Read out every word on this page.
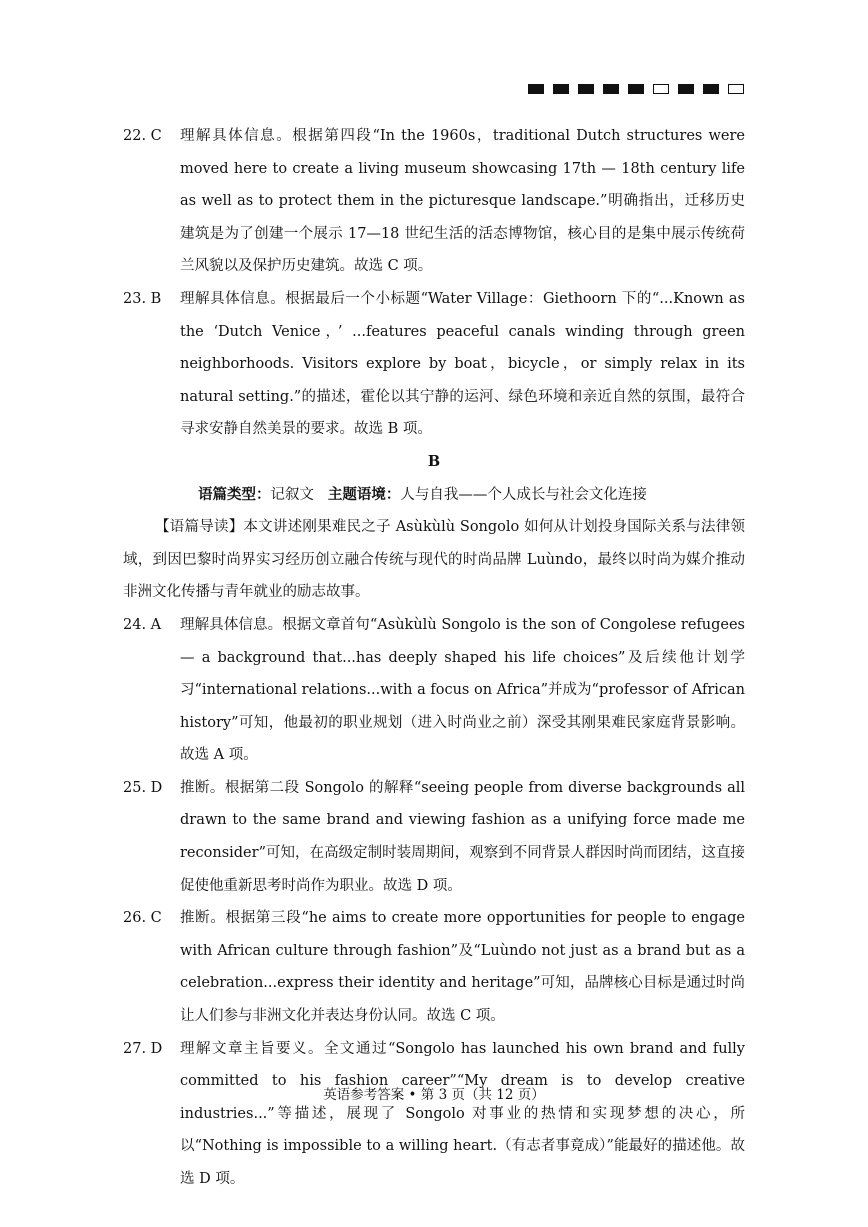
22. C	理解具体信息。根据第四段“In the 1960s，traditional Dutch structures were moved here to create a living museum showcasing 17th — 18th century life as well as to protect them in the picturesque landscape.”明确指出，迁移历史建筑是为了创建一个展示 17—18 世纪生活的活态博物馆，核心目的是集中展示传统荷兰风貌以及保护历史建筑。故选 C 项。

23. B	理解具体信息。根据最后一个小标题“Water Village：Giethoorn 下的“...Known as the ‘Dutch Venice，’ ...features peaceful canals winding through green neighborhoods. Visitors explore by boat，bicycle，or simply relax in its natural setting.”的描述，霍伦以其宁静的运河、绿色环境和亲近自然的氛围，最符合寻求安静自然美景的要求。故选 B 项。

B

语篇类型：记叙文 主题语境：人与自我——个人成长与社会文化连接

【语篇导读】本文讲述刚果难民之子 Asùkùlù Songolo 如何从计划投身国际关系与法律领域，到因巴黎时尚界实习经历创立融合传统与现代的时尚品牌 Luùndo，最终以时尚为媒介推动非洲文化传播与青年就业的励志故事。

24. A	理解具体信息。根据文章首句“Asùkùlù Songolo is the son of Congolese refugees — a background that...has deeply shaped his life choices”及后续他计划学习“international relations...with a focus on Africa”并成为“professor of African history”可知，他最初的职业规划（进入时尚业之前）深受其刚果难民家庭背景影响。故选 A 项。

25. D	推断。根据第二段 Songolo 的解释“seeing people from diverse backgrounds all drawn to the same brand and viewing fashion as a unifying force made me reconsider”可知，在高级定制时装周期间，观察到不同背景人群因时尚而团结，这直接促使他重新思考时尚作为职业。故选 D 项。

26. C	推断。根据第三段“he aims to create more opportunities for people to engage with African culture through fashion”及“Luùndo not just as a brand but as a celebration...express their identity and heritage”可知，品牌核心目标是通过时尚让人们参与非洲文化并表达身份认同。故选 C 项。

27. D	理解文章主旨要义。全文通过“Songolo has launched his own brand and fully committed to his fashion career”“My dream is to develop creative industries...”等描述，展现了 Songolo 对事业的热情和实现梦想的决心，所以“Nothing is impossible to a willing heart.（有志者事竟成）”能最好的描述他。故选 D 项。

英语参考答案 • 第 3 页（共 12 页）
